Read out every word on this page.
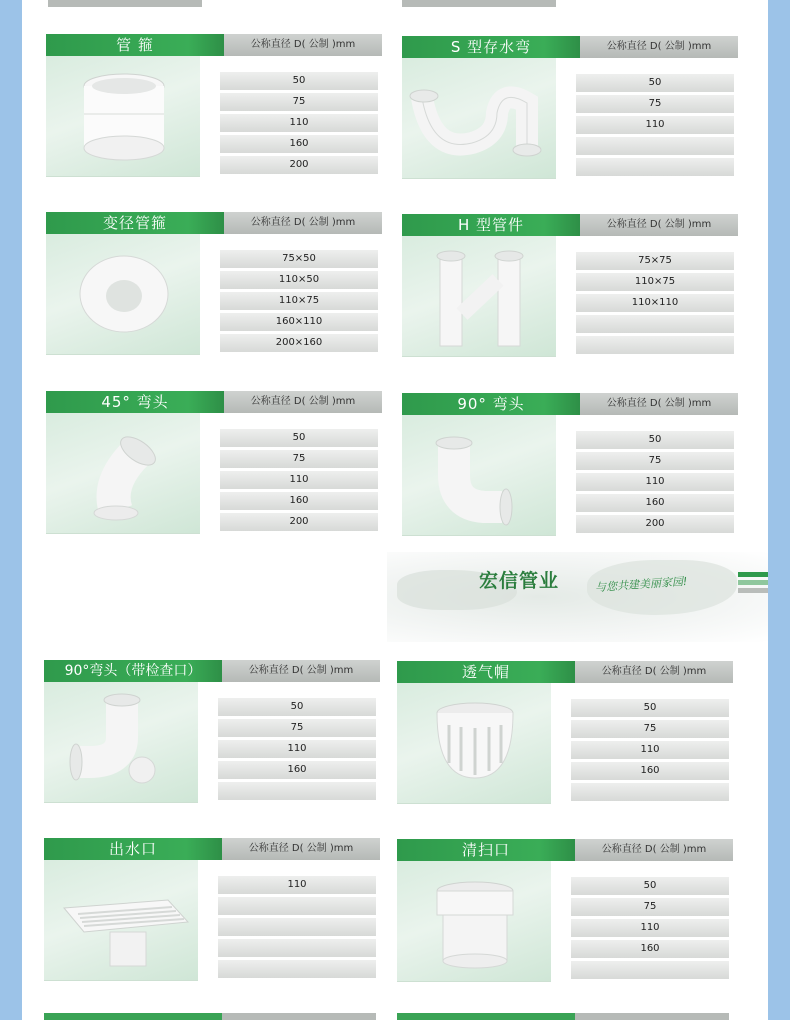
管 箍	公称直径 D( 公制 )mm
50
75
110
160
200
S 型存水弯	公称直径 D( 公制 )mm
50
75
110
变径管箍	公称直径 D( 公制 )mm
75×50
110×50
110×75
160×110
200×160
H 型管件	公称直径 D( 公制 )mm
75×75
110×75
110×110
45° 弯头	公称直径 D( 公制 )mm
50
75
110
160
200
90° 弯头	公称直径 D( 公制 )mm
50
75
110
160
200
宏信管业	与您共建美丽家园!
90°弯头（带检查口）	公称直径 D( 公制 )mm
50
75
110
160
透气帽	公称直径 D( 公制 )mm
50
75
110
160
出水口	公称直径 D( 公制 )mm
110
清扫口	公称直径 D( 公制 )mm
50
75
110
160
